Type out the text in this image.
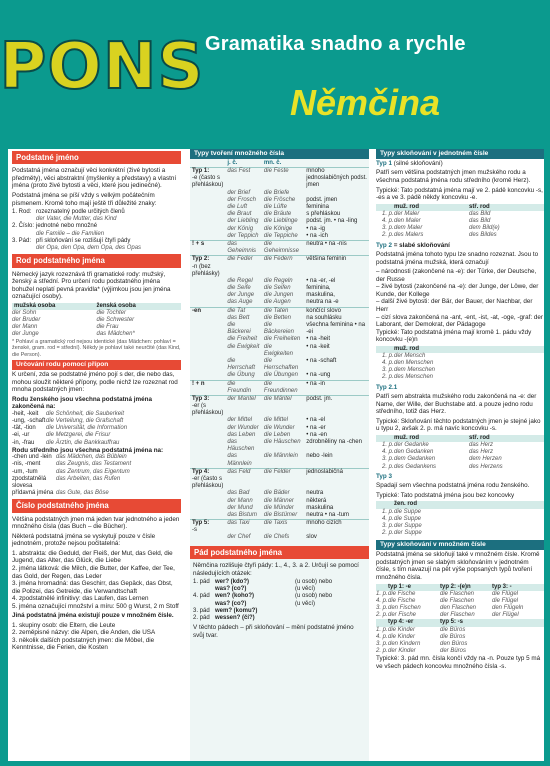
PONS Gramatika snadno a rychle
Němčina
Podstatné jméno
Podstatná jména označují věci konkrétní (živé bytosti a předměty), věci abstraktní (myšlenky a představy) a vlastní jména (proto živé bytosti a věci, které jsou jedinečné).
Podstatná jména se píší vždy s velkým počátečním písmenem. Kromě toho mají ještě tři důležité znaky:
1. Rod: rozeznatelný podle určitých členů
der Vater, die Mutter, das Kind
2. Číslo: jednotné nebo množné
die Familie – die Familien
3. Pád: při skloňování se rozlišují čtyři pády
der Opa, den Opa, dem Opa, des Opas
Rod podstatného jména
Německý jazyk rozeznává tři gramatické rody: mužský, ženský a střední. Pro určení rodu podstatného jména bohužel neplatí pevná pravidla* (výjimkou jsou jen jména označující osoby).
mužská osoba	ženská osoba
der Sohn	die Tochter
der Bruder	die Schwester
der Mann	die Frau
der Junge	das Mädchen*
* Pohlaví a gramatický rod nejsou identické (das Mädchen: pohlaví = ženské, gram. rod = střední). Někdy je pohlaví také neurčité (das Kind, die Person).
Určování rodu pomocí přípon
K určení, zda se podstatné jméno pojí s der, die nebo das, mohou sloužit některé přípony, podle nichž lze rozeznat rod mnoha podstatných jmen:
Rodu ženského jsou všechna podstatná jména zakončená na:
-heit, -keit	die Schönheit, die Sauberkeit
-ung, -schaft die Verteilung, die Grafschaft
-tät, -tion	die Universität, die Information
-ei, -ur	die Metzgerei, die Frisur
-in, -frau	die Ärztin, die Bankkauffrau
Rodu středního jsou všechna podstatná jména na:
-chen und -lein das Mädchen, das Büblein
-nis, -ment	das Zeugnis, das Testament
-um, -tum	das Zentrum, das Eigentum
zpodstatnělá slovesa
das Arbeiten, das Rufen
přídavná jména das Gute, das Böse
Číslo podstatného jména
Většina podstatných jmen má jeden tvar jednotného a jeden množného čísla (das Buch – die Bücher).
Některá podstatná jména se vyskytují pouze v čísle jednotném, protože nejsou počitatelná:
1. abstrakta: die Geduld, der Fleiß, der Mut, das Geld, die Jugend, das Alter, das Glück, die Liebe
2. jména látková: die Milch, die Butter, der Kaffee, der Tee, das Gold, der Regen, das Leder
3. jména hromadná: das Geschirr, das Gepäck, das Obst, die Polizei, das Getreide, die Verwandtschaft
4. zpodstatnělé infinitivy: das Laufen, das Lernen
5. jména označující množství a míru: 500 g Wurst, 2 m Stoff
Jiná podstatná jména existují pouze v množném čísle.
1. skupiny osob: die Eltern, die Leute
2. zeměpisné názvy: die Alpen, die Anden, die USA
3. několik dalších podstatných jmen: die Möbel, die Kenntnisse, die Ferien, die Kosten
Typy tvoření množného čísla
	j. č.	mn. č.	

Typ 1:
-e (často s přehláskou)	das Fest	die Feste	mnoho jednoslabičných podst. jmen
	der Brief	die Briefe	
	der Frosch	die Frösche	podst. jmen
	die Luft	die Lüfte	feminina
	die Braut	die Bräute	s přehláskou
	der Liebling	die Lieblinge	podst. jm. • na -ling
	der König	die Könige	• na -ig
	der Teppich	die Teppiche	• na -ich

! + s	das Geheimnis	die Geheimnisse	neutra • na -nis

Typ 2:
-n (bez přehlásky)	die Feder	die Federn	většina feminin
	die Regel	die Regeln	• na -er, -el
	die Seife	die Seifen	feminina,
	der Junge	die Jungen	maskulina,
	das Auge	die Augen	neutra na -e

-en	die Tat	die Taten	končící slovo
	das Bett	die Betten	na souhlásku
	die Bäckerei	die Bäckereien	všechna feminina • na -ei
	die Freiheit	die Freiheiten	• na -heit
	die Ewigkeit	die Ewigkeiten	• na -keit
	die Herrschaft	die Herrschaften	• na -schaft
	die Übung	die Übungen	• na -ung

! + n	die Freundin	die Freundinnen	• na -in

Typ 3:
-er (s přehláskou)	der Mantel	die Mäntel	podst. jm.
	der Mittel	die Mittel	• na -el
	der Wunder	die Wunder	• na -er
	das Leben	die Leben	• na -en
	das Häuschen	die Häuschen	zdrobněliny na -chen
	das Männlein	die Männlein	nebo -lein

Typ 4:
-er (často s přehláskou)	das Feld	die Felder	jednoslabičná
	das Bad	die Bäder	neutra
	der Mann	die Männer	některá
	der Mund	die Münder	maskulina
	das Bistum	die Bistümer	neutra • na -tum

Typ 5:
-s	das Taxi	die Taxis	mnoho cizích
	der Chef	die Chefs	slov
Pád podstatného jména
Němčina rozlišuje čtyři pády: 1., 4., 3. a 2. Určují se pomocí následujících otázek:
1. pád wer? (kdo?)	(u osob) nebo
was? (co?)	(u věcí)
4. pád wen? (koho?)	(u osob) nebo
was? (co?)	(u věcí)
3. pád wem? (komu?)
2. pád wessen? (čí?)
V těchto pádech – při skloňování – mění podstatné jméno svůj tvar.
Typy skloňování v jednotném čísle
Typ 1 (silné skloňování)
Patří sem většina podstatných jmen mužského rodu a všechna podstatná jména rodu středního (kromě Herz).
Typické: Tato podstatná jména mají ve 2. pádě koncovku -s, -es a ve 3. pádě někdy koncovku -e.
muž. rod	stř. rod
1. p. der Maler	das Bild
4. p. den Maler	das Bild
3. p. dem Maler	dem Bild(e)
2. p. des Malers	des Bildes
Typ 2 = slabé skloňování
Podstatná jména tohoto typu lze snadno rozeznat. Jsou to podstatná jména mužská, která označují
– národnosti (zakončené na -e): der Türke, der Deutsche, der Russe
– živé bytosti (zakončené na -e): der Junge, der Löwe, der Kunde, der Kollege
– další živé bytosti: der Bär, der Bauer, der Nachbar, der Herr
– cizí slova zakončená na -ant, -ent, -ist, -at, -oge, -graf: der Laborant, der Demokrat, der Pädagoge
Typické: Tato podstatná jména mají kromě 1. pádu vždy koncovku -(e)n
muž. rod
1. p. der Mensch
4. p. den Menschen
3. p. dem Menschen
2. p. des Menschen
Typ 2.1
Patří sem abstrakta mužského rodu zakončená na -e: der Name, der Wille, der Buchstabe atd. a pouze jedno rodu středního, totiž das Herz.
Typické: Skloňování těchto podstatných jmen je stejné jako u typu 2, avšak 2. p. má navíc koncovku -s.
muž. rod	stř. rod
1. p. der Gedanke	das Herz
4. p. den Gedanken	das Herz
3. p. dem Gedanken	dem Herzen
2. p. des Gedankens	des Herzens
Typ 3
Spadají sem všechna podstatná jména rodu ženského.
Typické: Tato podstatná jména jsou bez koncovky
žen. rod
1. p. die Suppe
4. p. die Suppe
3. p. der Suppe
2. p. der Suppe
Typy skloňování v množném čísle
Podstatná jména se skloňují také v množném čísle. Kromě podstatných jmen se slabým skloňováním v jednotném čísle, s tím navazují na pět výše popsaných typů tvoření množného čísla.
typ 1: -e	typ 2: -(e)n	typ 3: -
1. p. die Fische	die Flaschen	die Flügel
4. p. die Fische	die Flaschen	die Flügel
3. p. den Fischen	den Flaschen	den Flügeln
2. p. der Fische	der Flaschen	der Flügel
typ 4: -er	typ 5: -s
1. p. die Kinder	die Büros
4. p. die Kinder	die Büros
3. p. den Kindern	den Büros
2. p. der Kinder	der Büros
Typické: 3. pád mn. čísla končí vždy na -n. Pouze typ 5 má ve všech pádech koncovku množného čísla -s.
